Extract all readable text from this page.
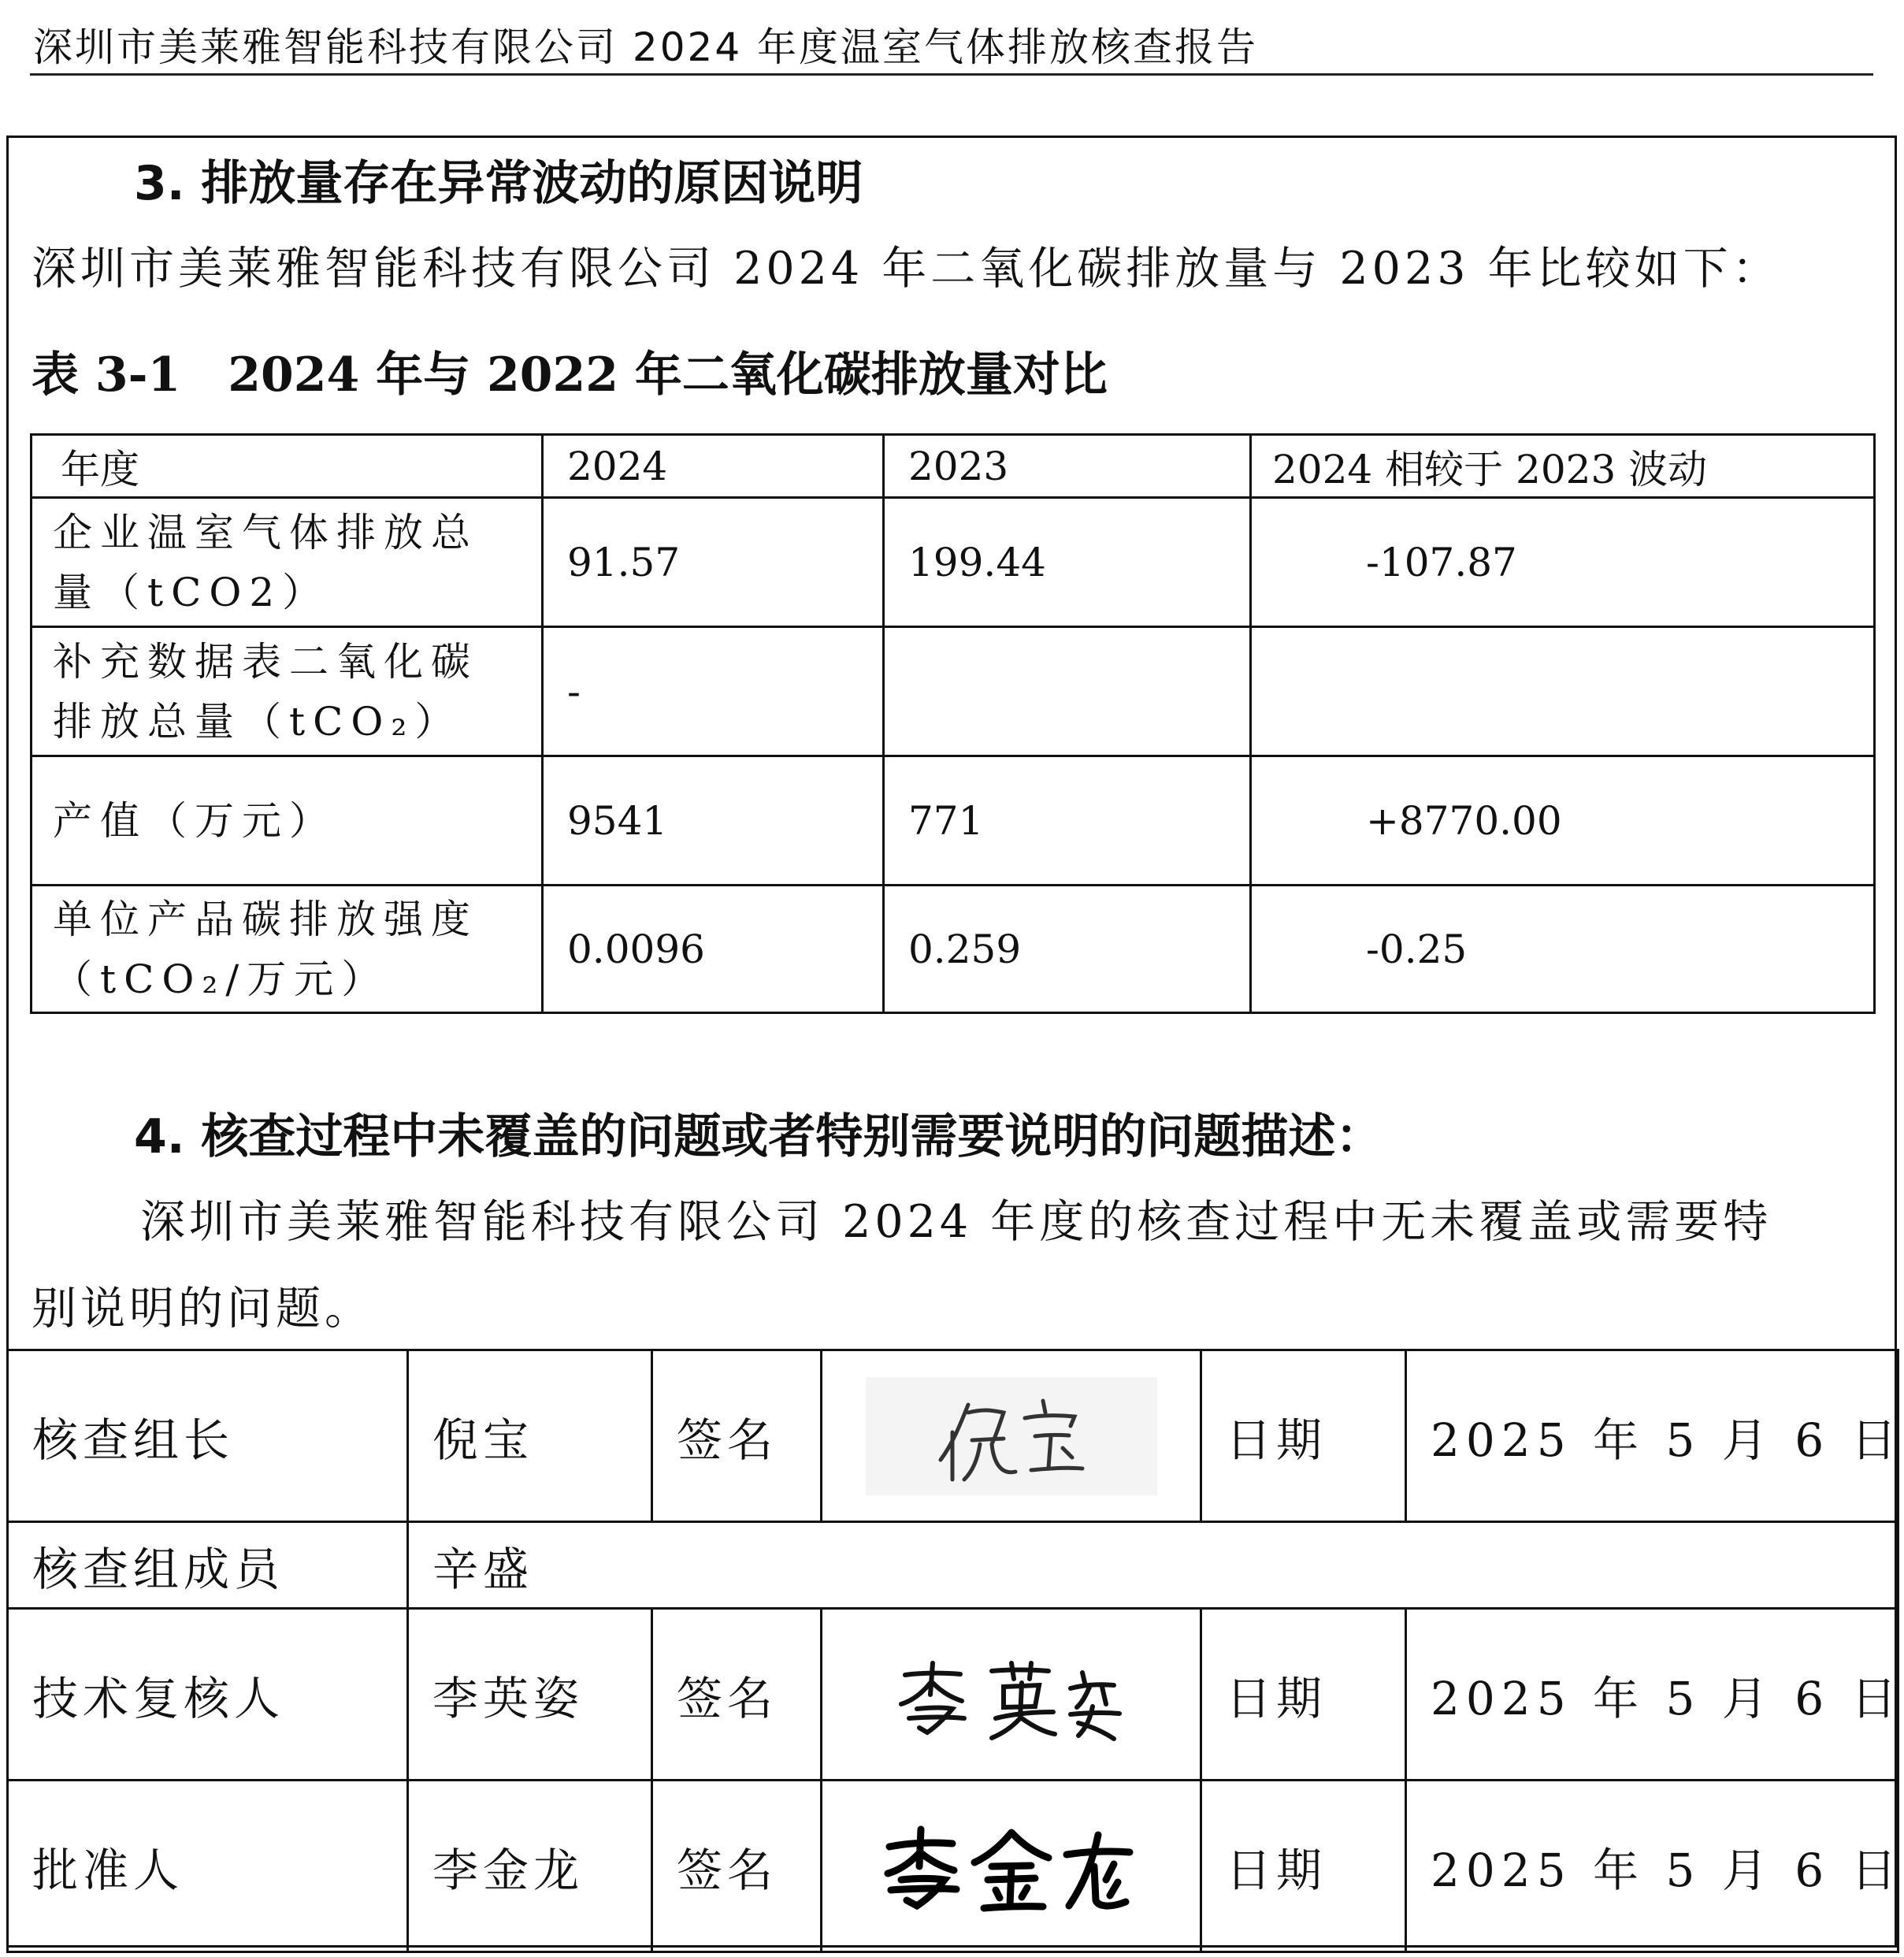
深圳市美莱雅智能科技有限公司 2024 年度温室气体排放核查报告
3. 排放量存在异常波动的原因说明
深圳市美莱雅智能科技有限公司 2024 年二氧化碳排放量与 2023 年比较如下：
表 3-1　2024 年与 2022 年二氧化碳排放量对比
年度	2024	2023	2024 相较于 2023 波动
企业温室气体排放总量（tCO2）	91.57	199.44	-107.87
补充数据表二氧化碳排放总量（tCO₂）	-		
产值（万元）	9541	771	+8770.00
单位产品碳排放强度（tCO₂/万元）	0.0096	0.259	-0.25
4. 核查过程中未覆盖的问题或者特别需要说明的问题描述：
深圳市美莱雅智能科技有限公司 2024 年度的核查过程中无未覆盖或需要特
别说明的问题。
核查组长	倪宝	签名		日期	2025 年 5 月 6 日
核查组成员	辛盛				
技术复核人	李英姿	签名		日期	2025 年 5 月 6 日
批准人	李金龙	签名		日期	2025 年 5 月 6 日
